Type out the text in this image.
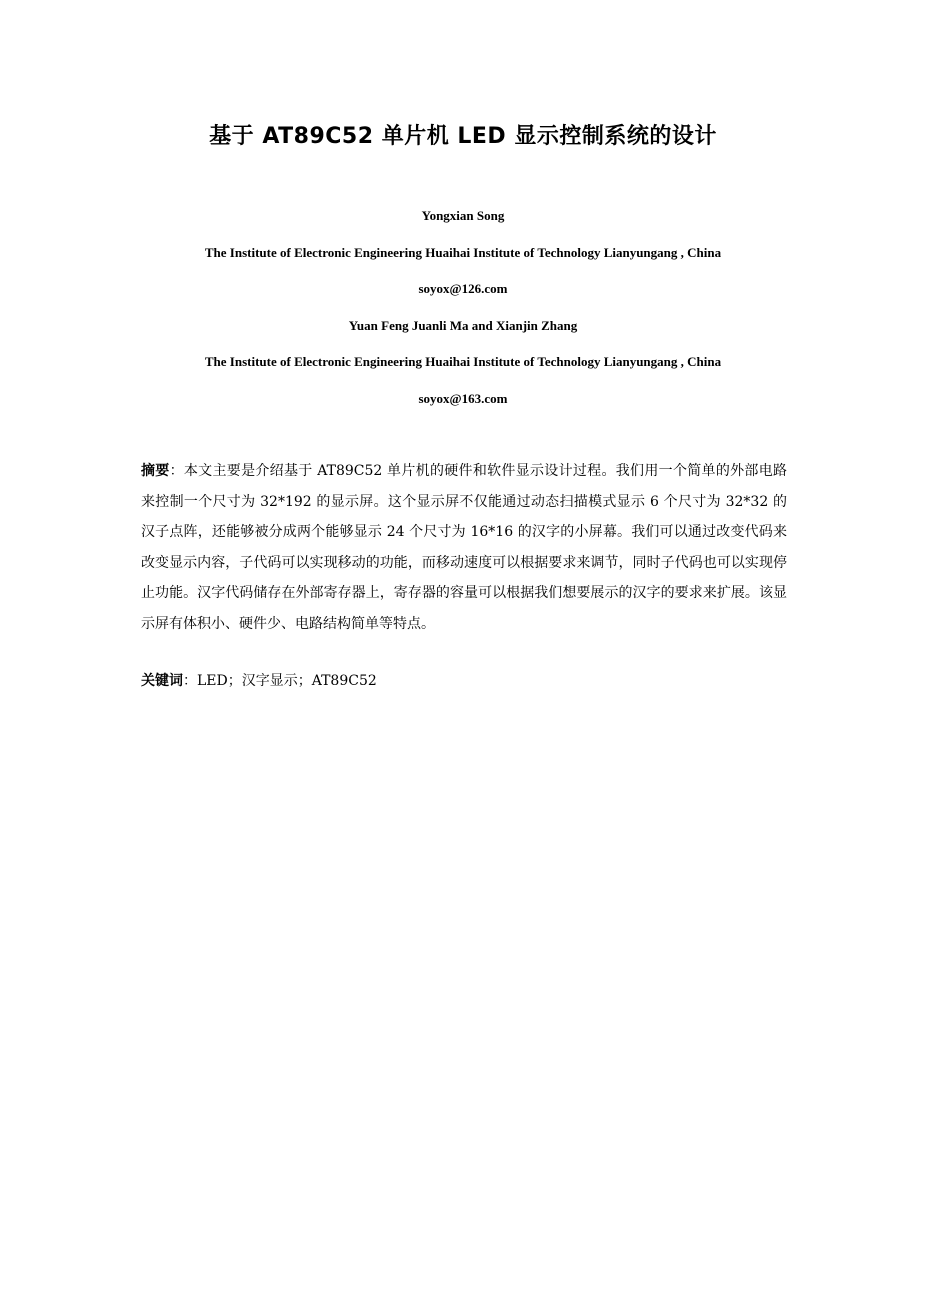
基于 AT89C52 单片机 LED 显示控制系统的设计

Yongxian Song

The Institute of Electronic Engineering Huaihai Institute of Technology Lianyungang , China

soyox@126.com

Yuan Feng Juanli Ma and Xianjin Zhang

The Institute of Electronic Engineering Huaihai Institute of Technology Lianyungang , China

soyox@163.com

摘要：本文主要是介绍基于 AT89C52 单片机的硬件和软件显示设计过程。我们用一个简单的外部电路来控制一个尺寸为 32*192 的显示屏。这个显示屏不仅能通过动态扫描模式显示 6 个尺寸为 32*32 的汉子点阵，还能够被分成两个能够显示 24 个尺寸为 16*16 的汉字的小屏幕。我们可以通过改变代码来改变显示内容，子代码可以实现移动的功能，而移动速度可以根据要求来调节，同时子代码也可以实现停止功能。汉字代码储存在外部寄存器上，寄存器的容量可以根据我们想要展示的汉字的要求来扩展。该显示屏有体积小、硬件少、电路结构简单等特点。

关键词：LED；汉字显示；AT89C52
